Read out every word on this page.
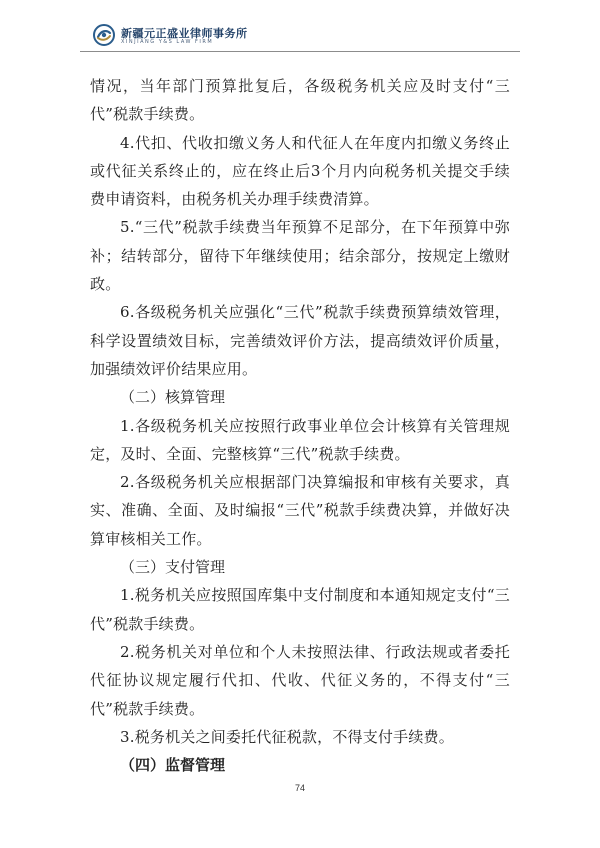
新疆元正盛业律师事务所
XINJIANG Y&S LAW FIRM

情况，当年部门预算批复后，各级税务机关应及时支付“三代”税款手续费。

4.代扣、代收扣缴义务人和代征人在年度内扣缴义务终止或代征关系终止的，应在终止后3个月内向税务机关提交手续费申请资料，由税务机关办理手续费清算。

5.“三代”税款手续费当年预算不足部分，在下年预算中弥补；结转部分，留待下年继续使用；结余部分，按规定上缴财政。

6.各级税务机关应强化“三代”税款手续费预算绩效管理，科学设置绩效目标，完善绩效评价方法，提高绩效评价质量，加强绩效评价结果应用。

（二）核算管理

1.各级税务机关应按照行政事业单位会计核算有关管理规定，及时、全面、完整核算“三代”税款手续费。

2.各级税务机关应根据部门决算编报和审核有关要求，真实、准确、全面、及时编报“三代”税款手续费决算，并做好决算审核相关工作。

（三）支付管理

1.税务机关应按照国库集中支付制度和本通知规定支付“三代”税款手续费。

2.税务机关对单位和个人未按照法律、行政法规或者委托代征协议规定履行代扣、代收、代征义务的，不得支付“三代”税款手续费。

3.税务机关之间委托代征税款，不得支付手续费。

（四）监督管理

74
